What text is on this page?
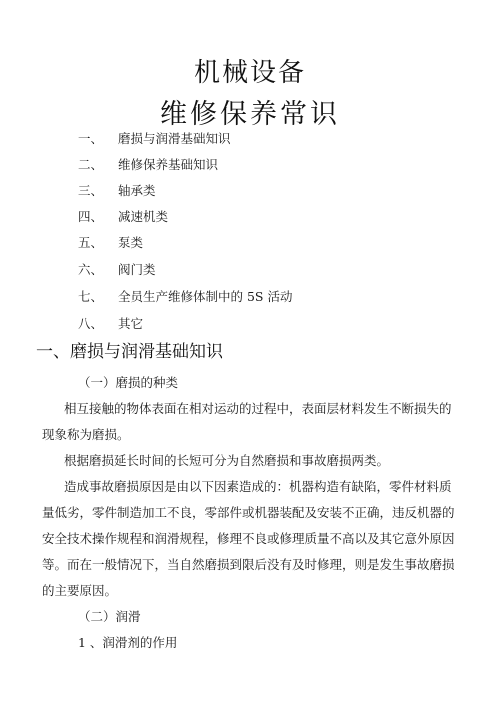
机械设备
维修保养常识
一、	磨损与润滑基础知识
二、	维修保养基础知识
三、	轴承类
四、	减速机类
五、	泵类
六、	阀门类
七、	全员生产维修体制中的 5S 活动
八、	其它
一、磨损与润滑基础知识
（一）磨损的种类
相互接触的物体表面在相对运动的过程中，表面层材料发生不断损失的
现象称为磨损。
根据磨损延长时间的长短可分为自然磨损和事故磨损两类。
造成事故磨损原因是由以下因素造成的：机器构造有缺陷，零件材料质
量低劣，零件制造加工不良，零部件或机器装配及安装不正确，违反机器的
安全技术操作规程和润滑规程，修理不良或修理质量不高以及其它意外原因
等。而在一般情况下，当自然磨损到限后没有及时修理，则是发生事故磨损
的主要原因。
（二）润滑
1 、润滑剂的作用
